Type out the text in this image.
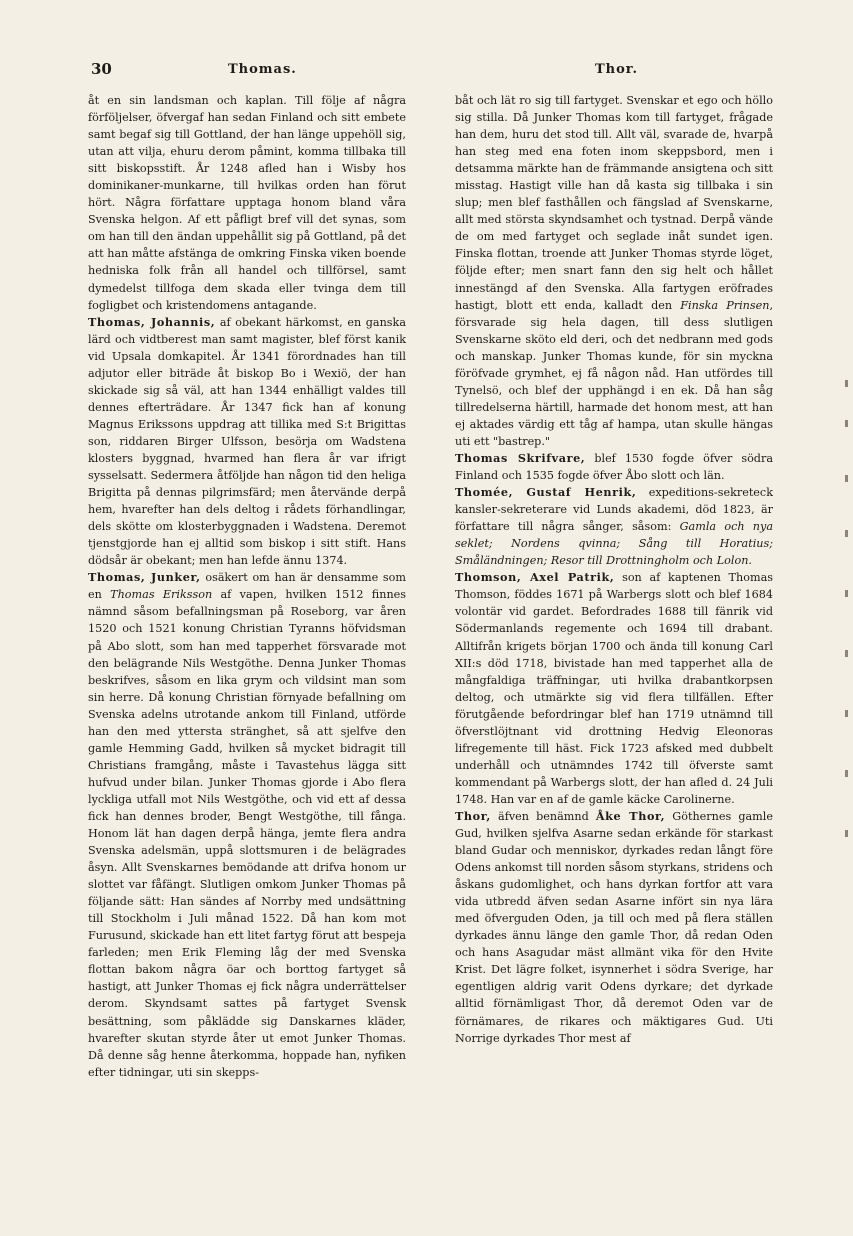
30	Thomas.	Thor.

åt en sin landsman och kaplan. Till följe af några förföljelser, öfvergaf han sedan Finland och sitt embete samt begaf sig till Gottland, der han länge uppehöll sig, utan att vilja, ehuru derom påmint, komma tillbaka till sitt biskopsstift. År 1248 afled han i Wisby hos dominikaner-munkarne, till hvilkas orden han förut hört. Några författare upptaga honom bland våra Svenska helgon. Af ett påfligt bref vill det synas, som om han till den ändan uppehållit sig på Gottland, på det att han måtte afstänga de omkring Finska viken boende hedniska folk från all handel och tillförsel, samt dymedelst tillfoga dem skada eller tvinga dem till fogligbet och kristendomens antagande.

Thomas, Johannis, af obekant härkomst, en ganska lärd och vidtberest man samt magister, blef först kanik vid Upsala domkapitel. År 1341 förordnades han till adjutor eller biträde åt biskop Bo i Wexiö, der han skickade sig så väl, att han 1344 enhälligt valdes till dennes efterträdare. År 1347 fick han af konung Magnus Erikssons uppdrag att tillika med S:t Brigittas son, riddaren Birger Ulfsson, besörja om Wadstena klosters byggnad, hvarmed han flera år var ifrigt sysselsatt. Sedermera åtföljde han någon tid den heliga Brigitta på dennas pilgrimsfärd; men återvände derpå hem, hvarefter han dels deltog i rådets förhandlingar, dels skötte om klosterbyggnaden i Wadstena. Deremot tjenstgjorde han ej alltid som biskop i sitt stift. Hans dödsår är obekant; men han lefde ännu 1374.

Thomas, Junker, osäkert om han är densamme som en Thomas Eriksson af vapen, hvilken 1512 finnes nämnd såsom befallningsman på Roseborg, var åren 1520 och 1521 konung Christian Tyranns höfvidsman på Abo slott, som han med tapperhet försvarade mot den belägrande Nils Westgöthe. Denna Junker Thomas beskrifves, såsom en lika grym och vildsint man som sin herre. Då konung Christian förnyade befallning om Svenska adelns utrotande ankom till Finland, utförde han den med yttersta stränghet, så att sjelfve den gamle Hemming Gadd, hvilken så mycket bidragit till Christians framgång, måste i Tavastehus lägga sitt hufvud under bilan. Junker Thomas gjorde i Abo flera lyckliga utfall mot Nils Westgöthe, och vid ett af dessa fick han dennes broder, Bengt Westgöthe, till fånga. Honom lät han dagen derpå hänga, jemte flera andra Svenska adelsmän, uppå slottsmuren i de belägrades åsyn. Allt Svenskarnes bemödande att drifva honom ur slottet var fåfängt. Slutligen omkom Junker Thomas på följande sätt: Han sändes af Norrby med undsättning till Stockholm i Juli månad 1522. Då han kom mot Furusund, skickade han ett litet fartyg förut att bespeja farleden; men Erik Fleming låg der med Svenska flottan bakom några öar och borttog fartyget så hastigt, att Junker Thomas ej fick några underrättelser derom. Skyndsamt sattes på fartyget Svensk besättning, som påklädde sig Danskarnes kläder, hvarefter skutan styrde åter ut emot Junker Thomas. Då denne såg henne återkomma, hoppade han, nyfiken efter tidningar, uti sin skepps-

båt och lät ro sig till fartyget. Svenskar et ego och höllo sig stilla. Då Junker Thomas kom till fartyget, frågade han dem, huru det stod till. Allt väl, svarade de, hvarpå han steg med ena foten inom skeppsbord, men i detsamma märkte han de främmande ansigtena och sitt misstag. Hastigt ville han då kasta sig tillbaka i sin slup; men blef fasthållen och fängslad af Svenskarne, allt med största skyndsamhet och tystnad. Derpå vände de om med fartyget och seglade inåt sundet igen. Finska flottan, troende att Junker Thomas styrde löget, följde efter; men snart fann den sig helt och hållet innestängd af den Svenska. Alla fartygen eröfrades hastigt, blott ett enda, kalladt den Finska Prinsen, försvarade sig hela dagen, till dess slutligen Svenskarne sköto eld deri, och det nedbrann med gods och manskap. Junker Thomas kunde, för sin mycknа föröfvade grymhet, ej få någon nåd. Han utfördes till Tynelsö, och blef der upphängd i en ek. Då han såg tillredelserna härtill, harmade det honom mest, att han ej aktades värdig ett tåg af hampa, utan skulle hängas uti ett "bastrep."

Thomas Skrifvare, blef 1530 fogde öfver södra Finland och 1535 fogde öfver Åbo slott och län.

Thomée, Gustaf Henrik, expeditions-sekreteck kansler-sekreterare vid Lunds akademi, död 1823, är författare till några sånger, såsom: Gamla och nya seklet; Nordens qvinna; Sång till Horatius; Småländningen; Resor till Drottningholm och Loloп.

Thomson, Axel Patrik, son af kaptenen Thomas Thomson, föddes 1671 på Warbergs slott och blef 1684 volontär vid gardet. Befordrades 1688 till fänrik vid Södermanlands regemente och 1694 till drabant. Alltifrån krigets början 1700 och ända till konung Carl XII:s död 1718, bivistade han med tapperhet alla de mångfaldiga träffningar, uti hvilka drabantkorpsen deltog, och utmärkte sig vid flera tillfällen. Efter förutgående befordringar blef han 1719 utnämnd till öfverstlöjtnant vid drottning Hedvig Eleonoras lifregemente till häst. Fick 1723 afsked med dubbelt underhåll och utnämndes 1742 till öfverste samt kommendant på Warbergs slott, der han afled d. 24 Juli 1748. Han var en af de gamle käcke Carolinerne.

Thor, äfven benämnd Åke Thor, Göthernes gamle Gud, hvilken sjelfva Asarne sedan erkände för starkast bland Gudar och menniskor, dyrkades redan långt före Odens ankomst till norden såsom styrkans, stridens och åskans gudomlighet, och hans dyrkan fortfor att vara vida utbredd äfven sedan Asarne infört sin nya lära med öfverguden Oden, ja till och med på flera ställen dyrkades ännu länge den gamle Thor, då redan Oden och hans Asagudar mäst allmänt vika för den Hvite Krist. Det lägre folket, isynnerhet i södra Sverige, har egentligen aldrig varit Odens dyrkare; det dyrkade alltid förnämligast Thor, då deremot Oden var de förnämares, de rikares och mäktigares Gud. Uti Norrige dyrkades Thor mest af
